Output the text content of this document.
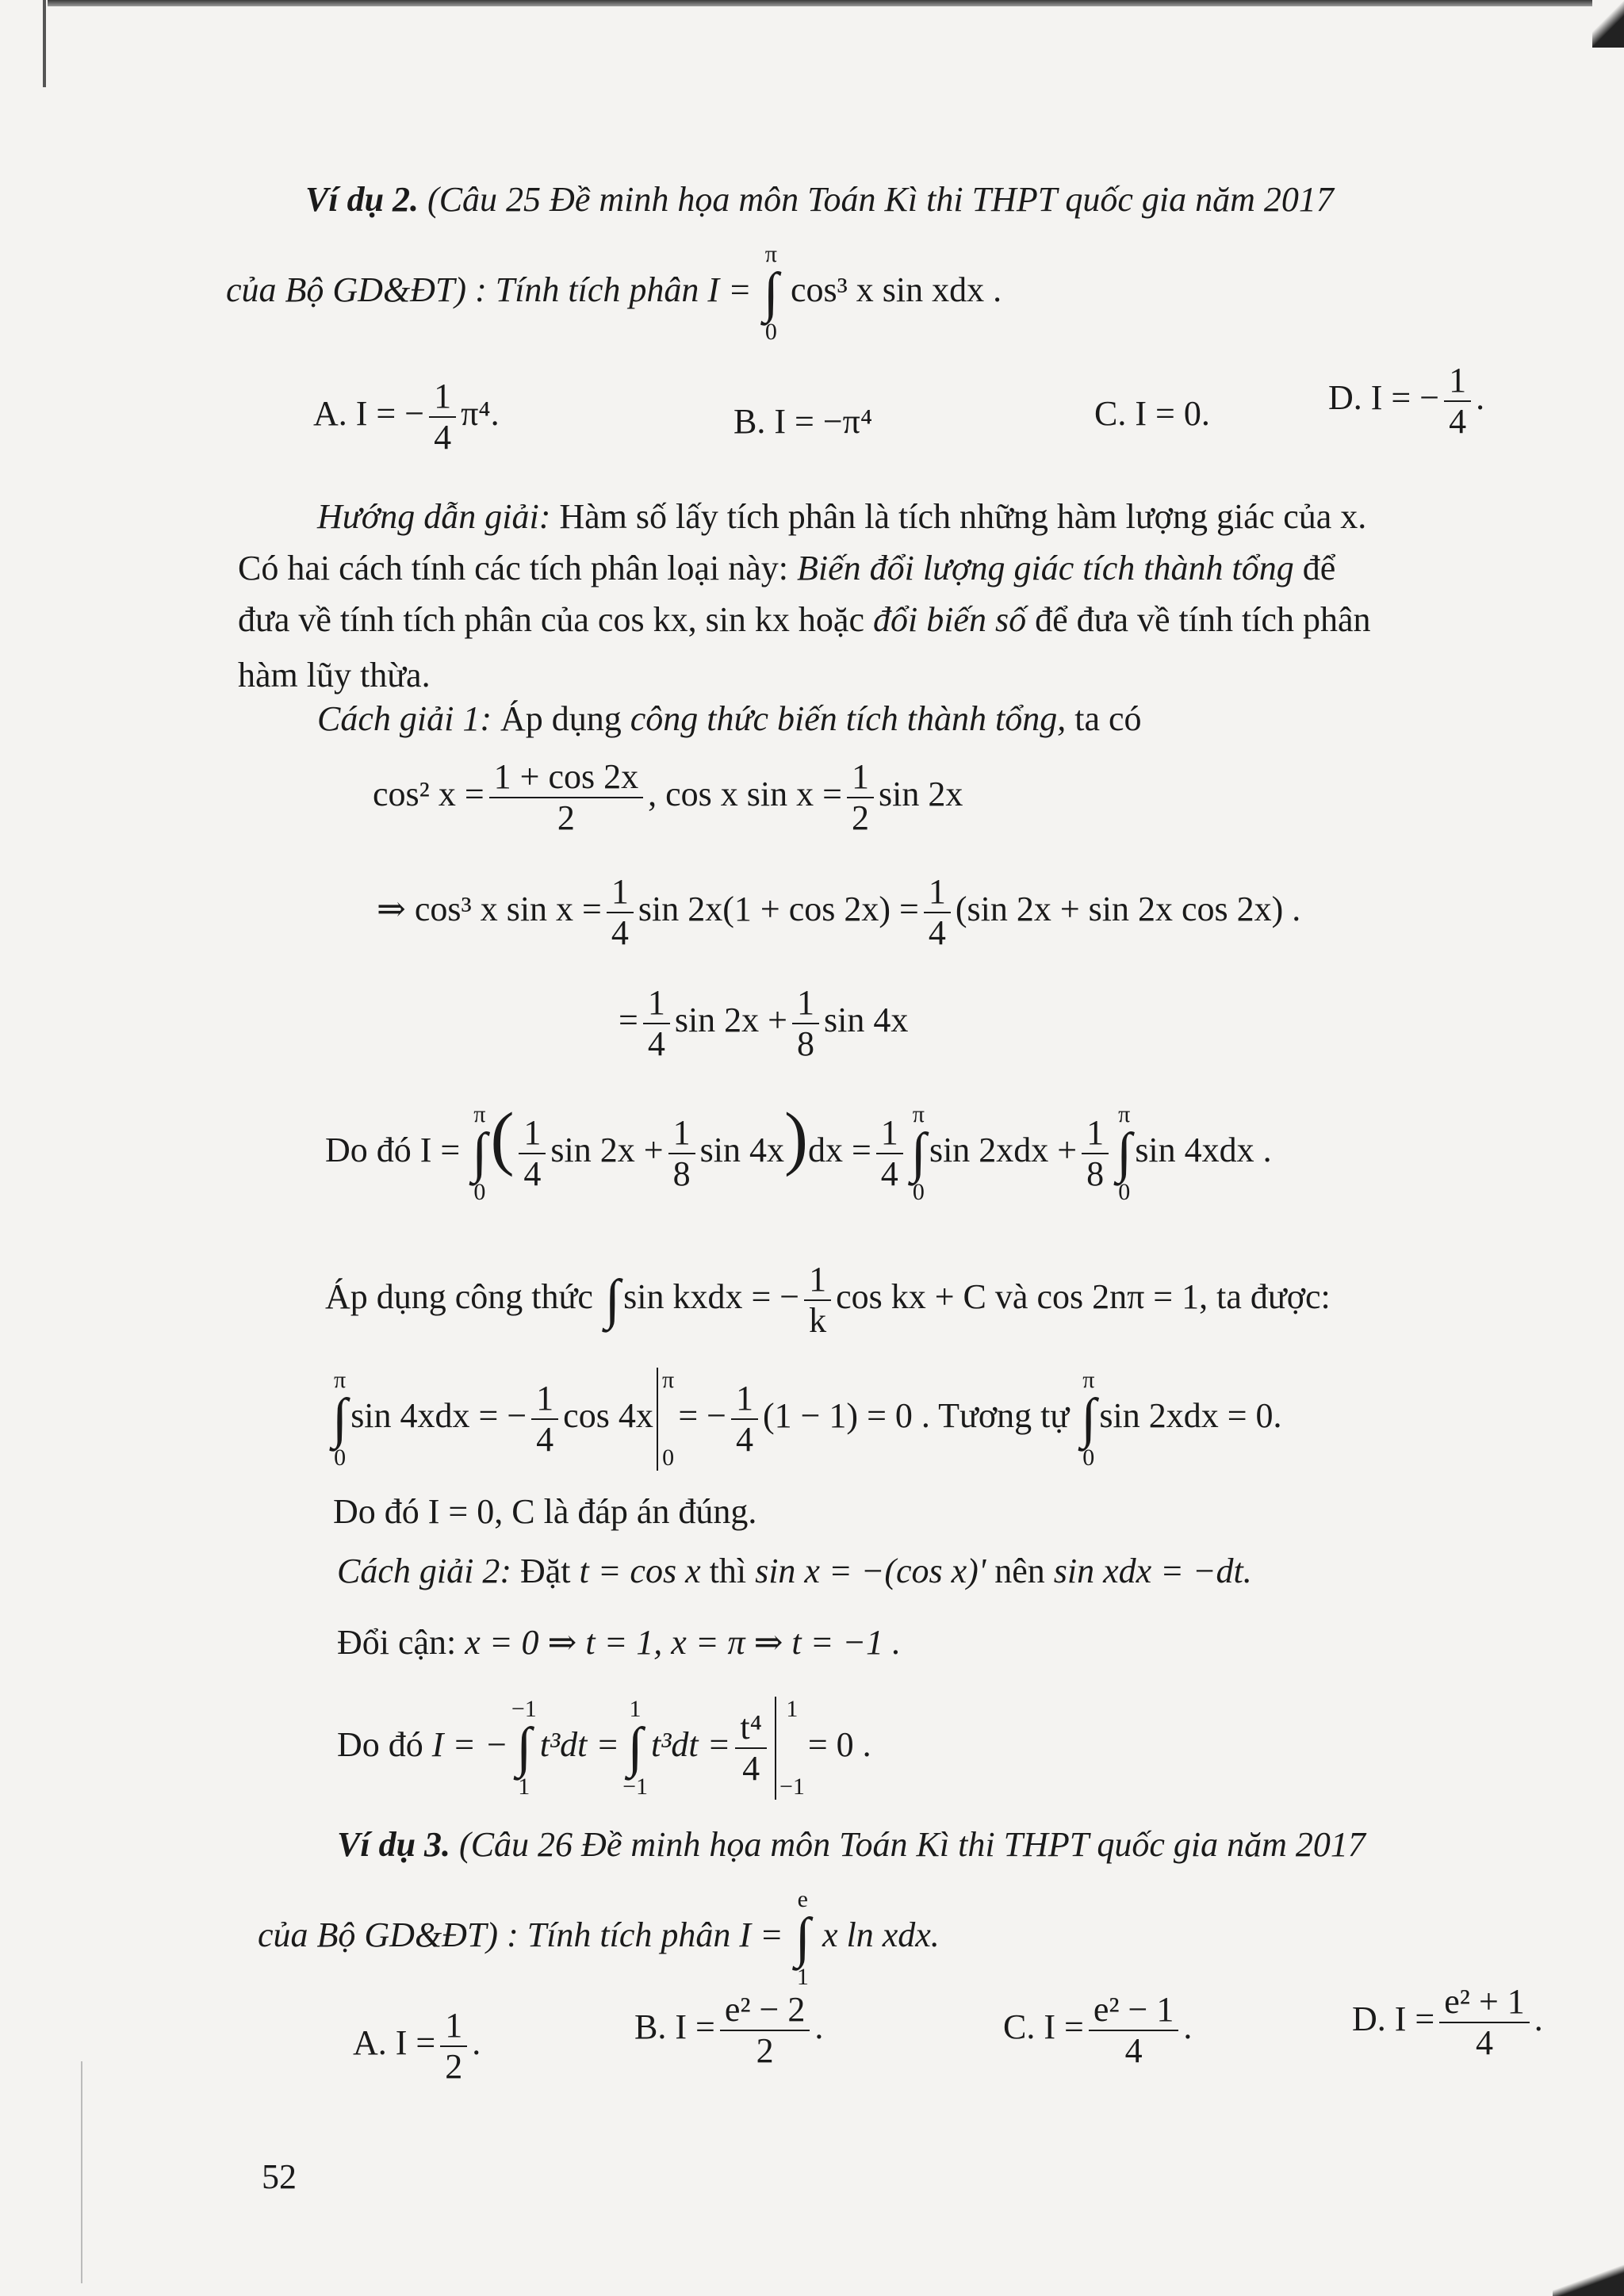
Ví dụ 2. (Câu 25 Đề minh họa môn Toán Kì thi THPT quốc gia năm 2017
của Bộ GD&ĐT) : Tính tích phân I =
π
∫
0
cos³ x sin xdx .
A. I = − $\frac{1}{4} \pi^4$.	B. I = −π⁴	C. I = 0.	D. I = − $\frac{1}{4}$ .
Hướng dẫn giải: Hàm số lấy tích phân là tích những hàm lượng giác của x.
Có hai cách tính các tích phân loại này: Biến đổi lượng giác tích thành tổng để
đưa về tính tích phân của cos kx, sin kx hoặc đổi biến số để đưa về tính tích phân
hàm lũy thừa.
Cách giải 1: Áp dụng công thức biến tích thành tổng, ta có
cos² $x = \frac{1 + \cos 2x}{2}$ , cos x $\sin x = \frac{1}{2}$ sin 2x
⇒ cos³ x $\sin x = \frac{1}{4}$ $\sin 2x(1 + \cos 2x) = \frac{1}{4} (\sin$ 2x + sin 2x cos 2x) .
= $\frac{1}{4}$ $\sin 2x + \frac{1}{8}$ sin 4x
Do đó I =
π
∫
0
( $\frac{1}{4}$ $\sin 2x + \frac{1}{8}$ $\sin 4x)dx = \frac{1}{4}$ π
∫
0
$\sin 2xdx + \frac{1}{8}$ π
∫
0
sin 4xdx .
Áp dụng công thức
∫
sin kxdx = − $\frac{1}{k}$ cos kx + C và cos 2nπ = 1, ta được:
π
∫
0
sin 4xdx = − $\frac{1}{4}$ cos 4x
π

0
= − $\frac{1}{4} (1 - 1) = 0$ . Tương tự
π
∫
0
sin 2xdx = 0.
Do đó I = 0, C là đáp án đúng.
Cách giải 2: Đặt t = cos x thì sin x = −(cos x)' nên sin xdx = −dt.
Đổi cận: x = 0 ⇒ t = 1, x = π ⇒ t = −1 .
Do đó I = −
−1
∫
1
t³dt =
1
∫
−1
$t^3dt = \frac{\text{t⁴}}{4} 1$

−1
= 0 .
Ví dụ 3. (Câu 26 Đề minh họa môn Toán Kì thi THPT quốc gia năm 2017
của Bộ GD&ĐT) : Tính tích phân I =
e
∫
1
x ln xdx.
A. $I = \frac{1}{2}$ .	B. $I = \frac{\text{e² − 2}}{2}$ .	C. $I = \frac{\text{e² − 1}}{4}$ .	D. $I = \frac{\text{e² + 1}}{4}$ .
52
